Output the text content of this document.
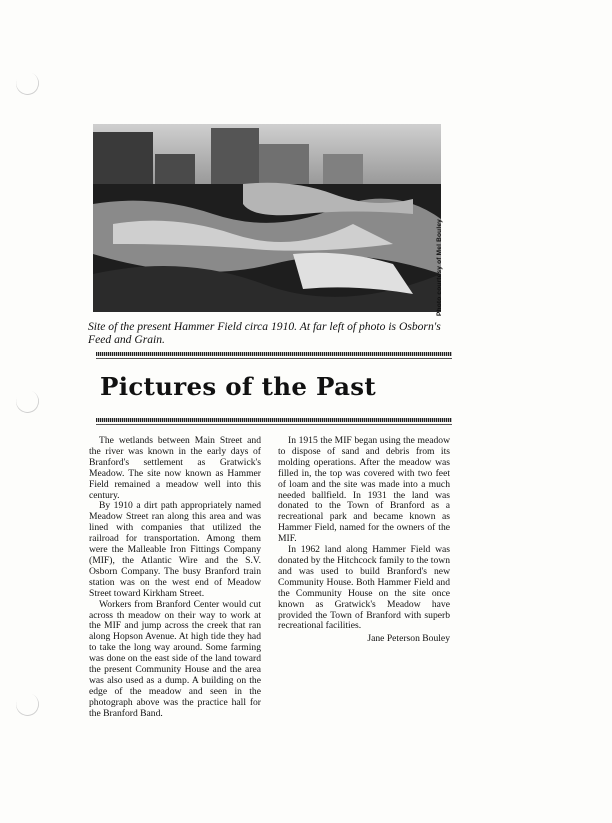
Photo courtesy of Mel Bouley
Site of the present Hammer Field circa 1910. At far left of photo is Osborn's Feed and Grain.
Pictures of the Past

The wetlands between Main Street and the river was known in the early days of Branford's settlement as Gratwick's Meadow. The site now known as Hammer Field remained a meadow well into this century.

By 1910 a dirt path appropriately named Meadow Street ran along this area and was lined with companies that utilized the railroad for transportation. Among them were the Malleable Iron Fittings Company (MIF), the Atlantic Wire and the S.V. Osborn Company. The busy Branford train station was on the west end of Meadow Street toward Kirkham Street.

Workers from Branford Center would cut across th meadow on their way to work at the MIF and jump across the creek that ran along Hopson Avenue. At high tide they had to take the long way around. Some farming was done on the east side of the land toward the present Community House and the area was also used as a dump. A building on the edge of the meadow and seen in the photograph above was the practice hall for the Branford Band.

In 1915 the MIF began using the meadow to dispose of sand and debris from its molding operations. After the meadow was filled in, the top was covered with two feet of loam and the site was made into a much needed ballfield. In 1931 the land was donated to the Town of Branford as a recreational park and became known as Hammer Field, named for the owners of the MIF.

In 1962 land along Hammer Field was donated by the Hitchcock family to the town and was used to build Branford's new Community House. Both Hammer Field and the Community House on the site once known as Gratwick's Meadow have provided the Town of Branford with superb recreational facilities.

Jane Peterson Bouley
